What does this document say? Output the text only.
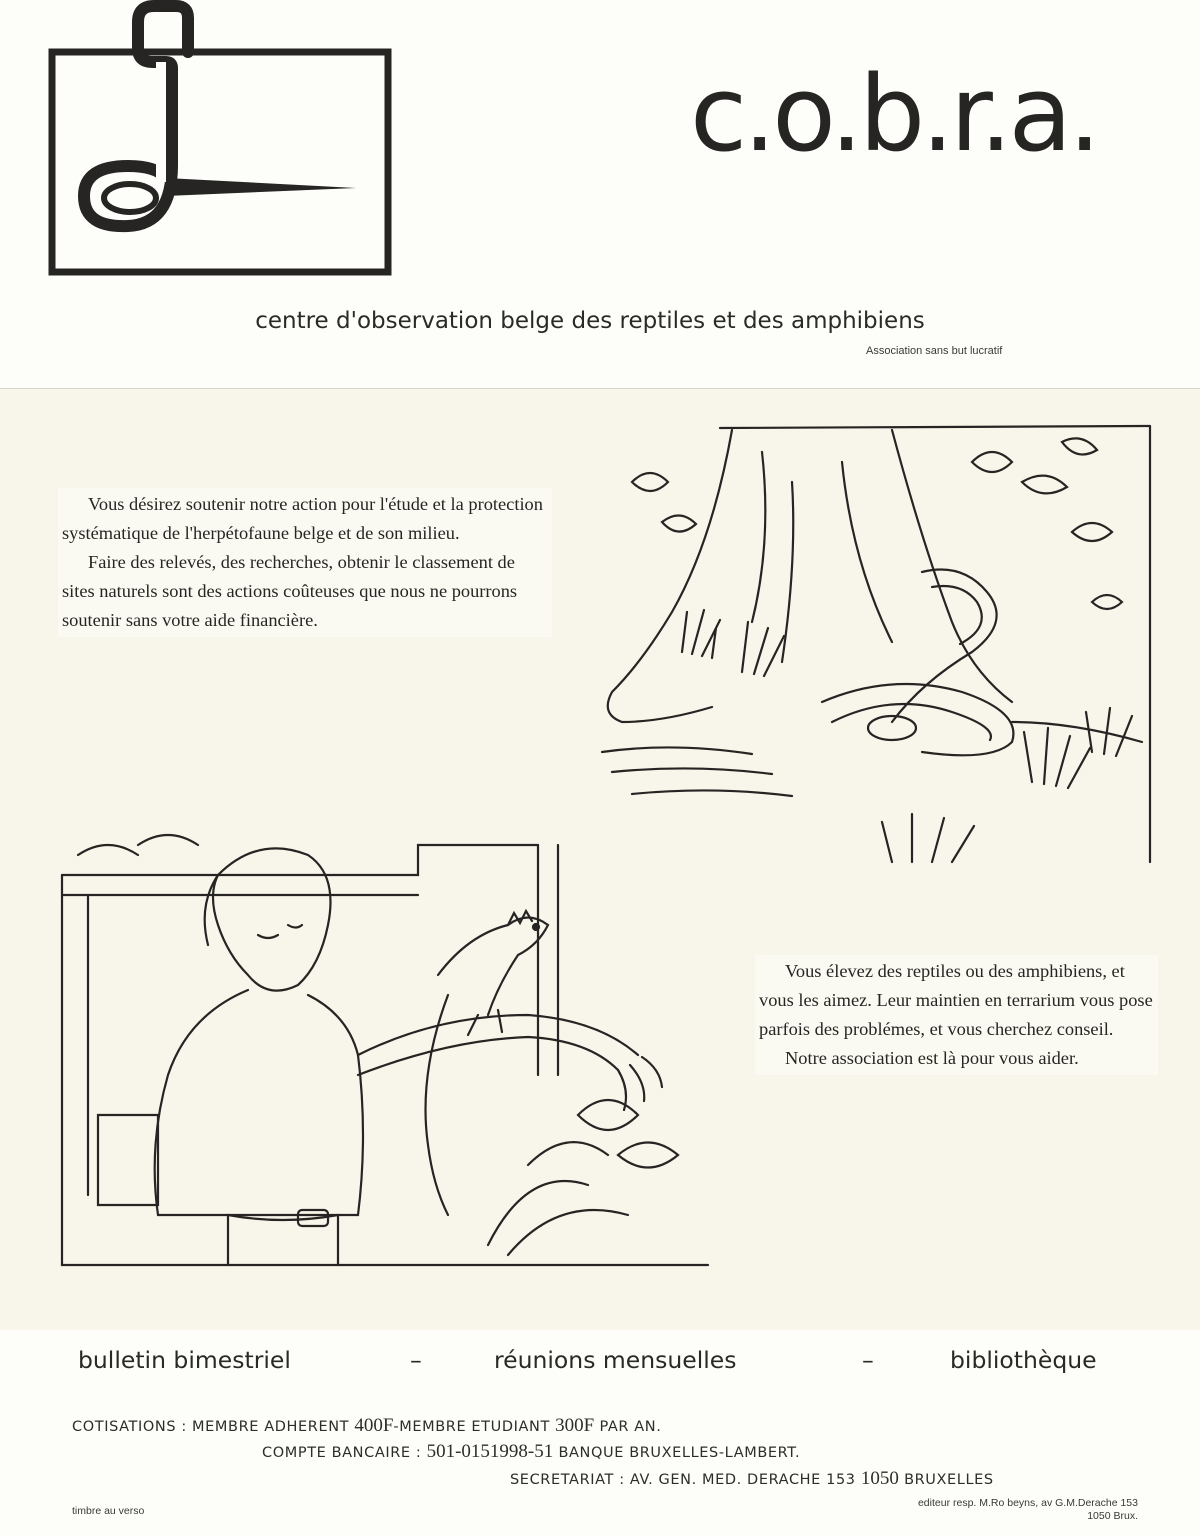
c.o.b.r.a.
centre d'observation belge des reptiles et des amphibiens
Association sans but lucratif

Vous désirez soutenir notre action pour l'étude et la protection systématique de l'herpétofaune belge et de son milieu.

Faire des relevés, des recherches, obtenir le classement de sites naturels sont des actions coûteuses que nous ne pourrons soutenir sans votre aide financière.

Vous élevez des reptiles ou des amphibiens, et vous les aimez. Leur maintien en terrarium vous pose parfois des problémes, et vous cherchez conseil.

Notre association est là pour vous aider.

bulletin bimestriel	–	réunions mensuelles	–	bibliothèque
COTISATIONS : MEMBRE ADHERENT 400F-MEMBRE ETUDIANT 300F PAR AN.
COMPTE BANCAIRE : 501-0151998-51 BANQUE BRUXELLES-LAMBERT.
SECRETARIAT : AV. GEN. MED. DERACHE 153 1050 BRUXELLES
timbre au verso
editeur resp. M.Ro beyns, av G.M.Derache 153
1050 Brux.
